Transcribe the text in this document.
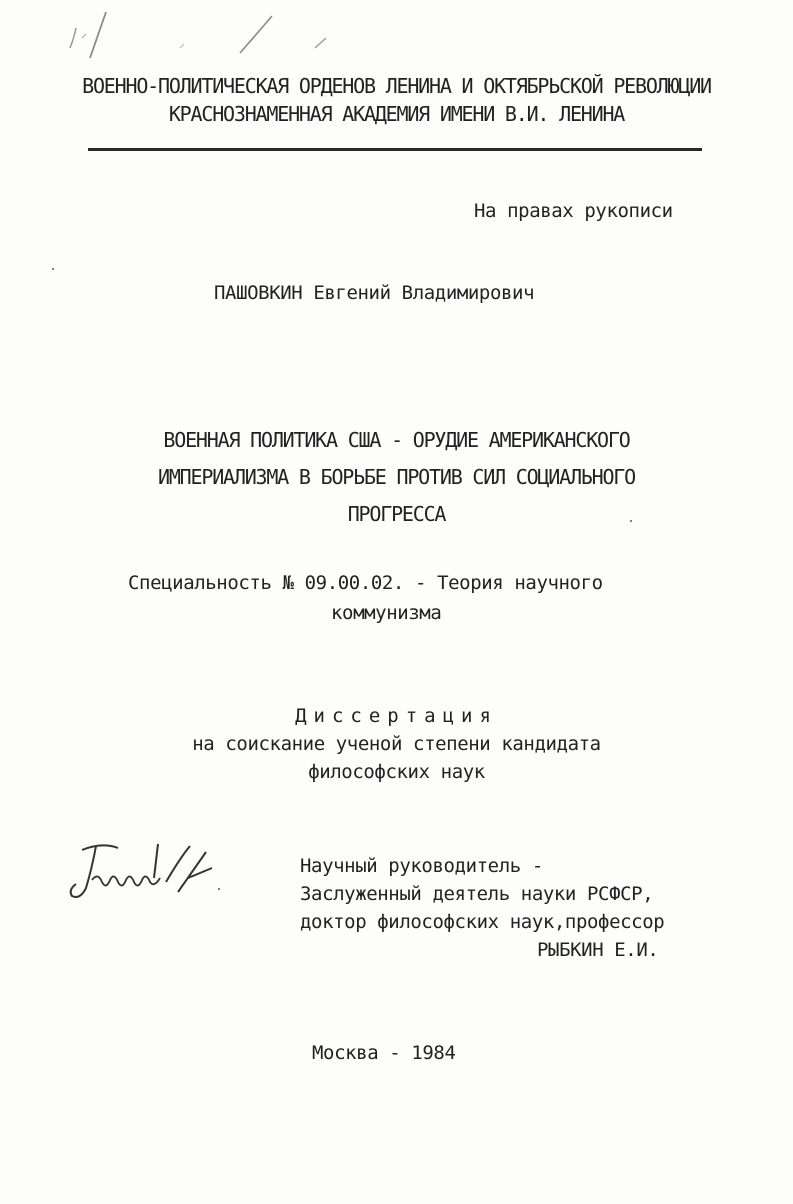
ВОЕННО-ПОЛИТИЧЕСКАЯ ОРДЕНОВ ЛЕНИНА И ОКТЯБРЬСКОЙ РЕВОЛЮЦИИ
КРАСНОЗНАМЕННАЯ АКАДЕМИЯ ИМЕНИ В.И. ЛЕНИНА
На правах рукописи
ПАШОВКИН Евгений Владимирович
ВОЕННАЯ ПОЛИТИКА США - ОРУДИЕ АМЕРИКАНСКОГО
ИМПЕРИАЛИЗМА В БОРЬБЕ ПРОТИВ СИЛ СОЦИАЛЬНОГО
ПРОГРЕССА
Специальность № 09.00.02. - Теория научного
коммунизма
Диссертация
на соискание ученой степени кандидата
философских наук
Научный руководитель -
Заслуженный деятель науки РСФСР,
доктор философских наук,профессор
РЫБКИН Е.И.
Москва - 1984
